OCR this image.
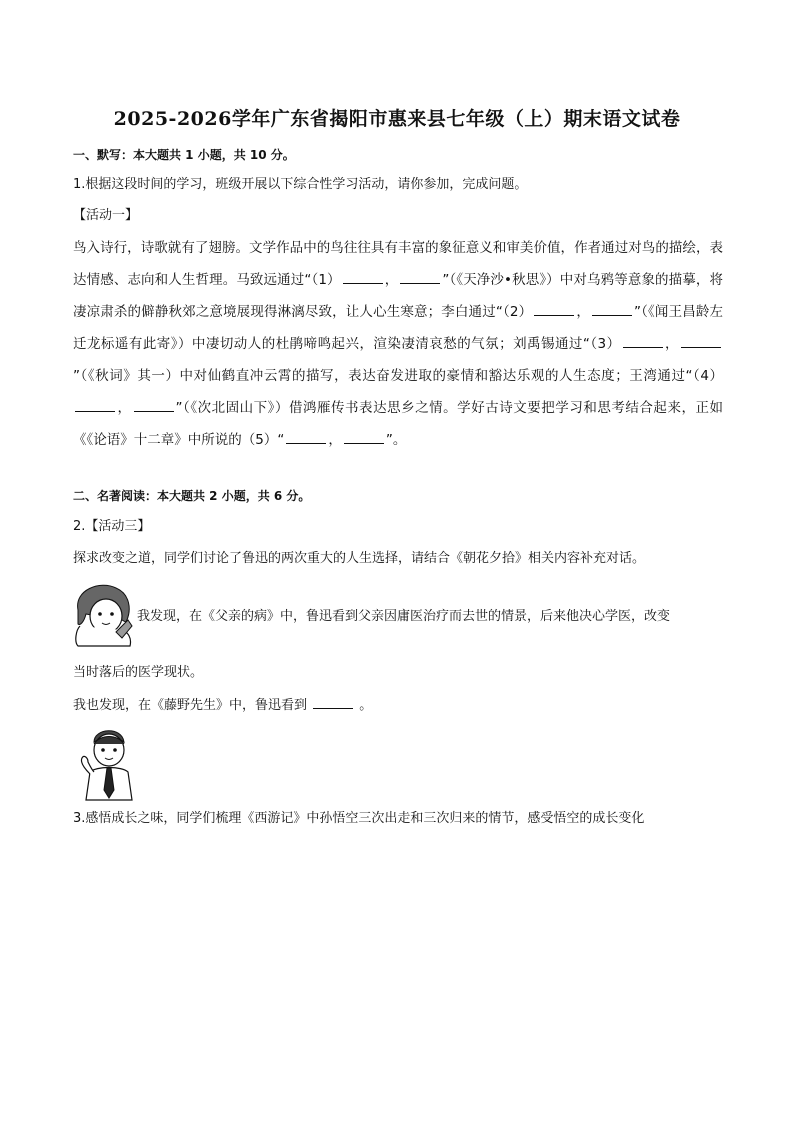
2025-2026学年广东省揭阳市惠来县七年级（上）期末语文试卷
一、默写：本大题共 1 小题，共 10 分。
1.根据这段时间的学习，班级开展以下综合性学习活动，请你参加，完成问题。
【活动一】
鸟入诗行，诗歌就有了翅膀。文学作品中的鸟往往具有丰富的象征意义和审美价值，作者通过对鸟的描绘，表达情感、志向和人生哲理。马致远通过“（1）	，	”（《天净沙•秋思》）中对乌鸦等意象的描摹，将凄凉肃杀的僻静秋郊之意境展现得淋漓尽致，让人心生寒意；李白通过“（2）	，	”（《闻王昌龄左迁龙标遥有此寄》）中凄切动人的杜鹃啼鸣起兴，渲染凄清哀愁的气氛；刘禹锡通过“（3）	，”（《秋词》其一）中对仙鹤直冲云霄的描写，表达奋发进取的豪情和豁达乐观的人生态度；王湾通过“（4），	”（《次北固山下》）借鸿雁传书表达思乡之情。学好古诗文要把学习和思考结合起来，正如《《论语》十二章》中所说的（5）“	，	”。
二、名著阅读：本大题共 2 小题，共 6 分。
2.【活动三】
探求改变之道，同学们讨论了鲁迅的两次重大的人生选择，请结合《朝花夕拾》相关内容补充对话。
我发现，在《父亲的病》中，鲁迅看到父亲因庸医治疗而去世的情景，后来他决心学医，改变
当时落后的医学现状。
我也发现，在《藤野先生》中，鲁迅看到	。
3.感悟成长之味，同学们梳理《西游记》中孙悟空三次出走和三次归来的情节，感受悟空的成长变化
